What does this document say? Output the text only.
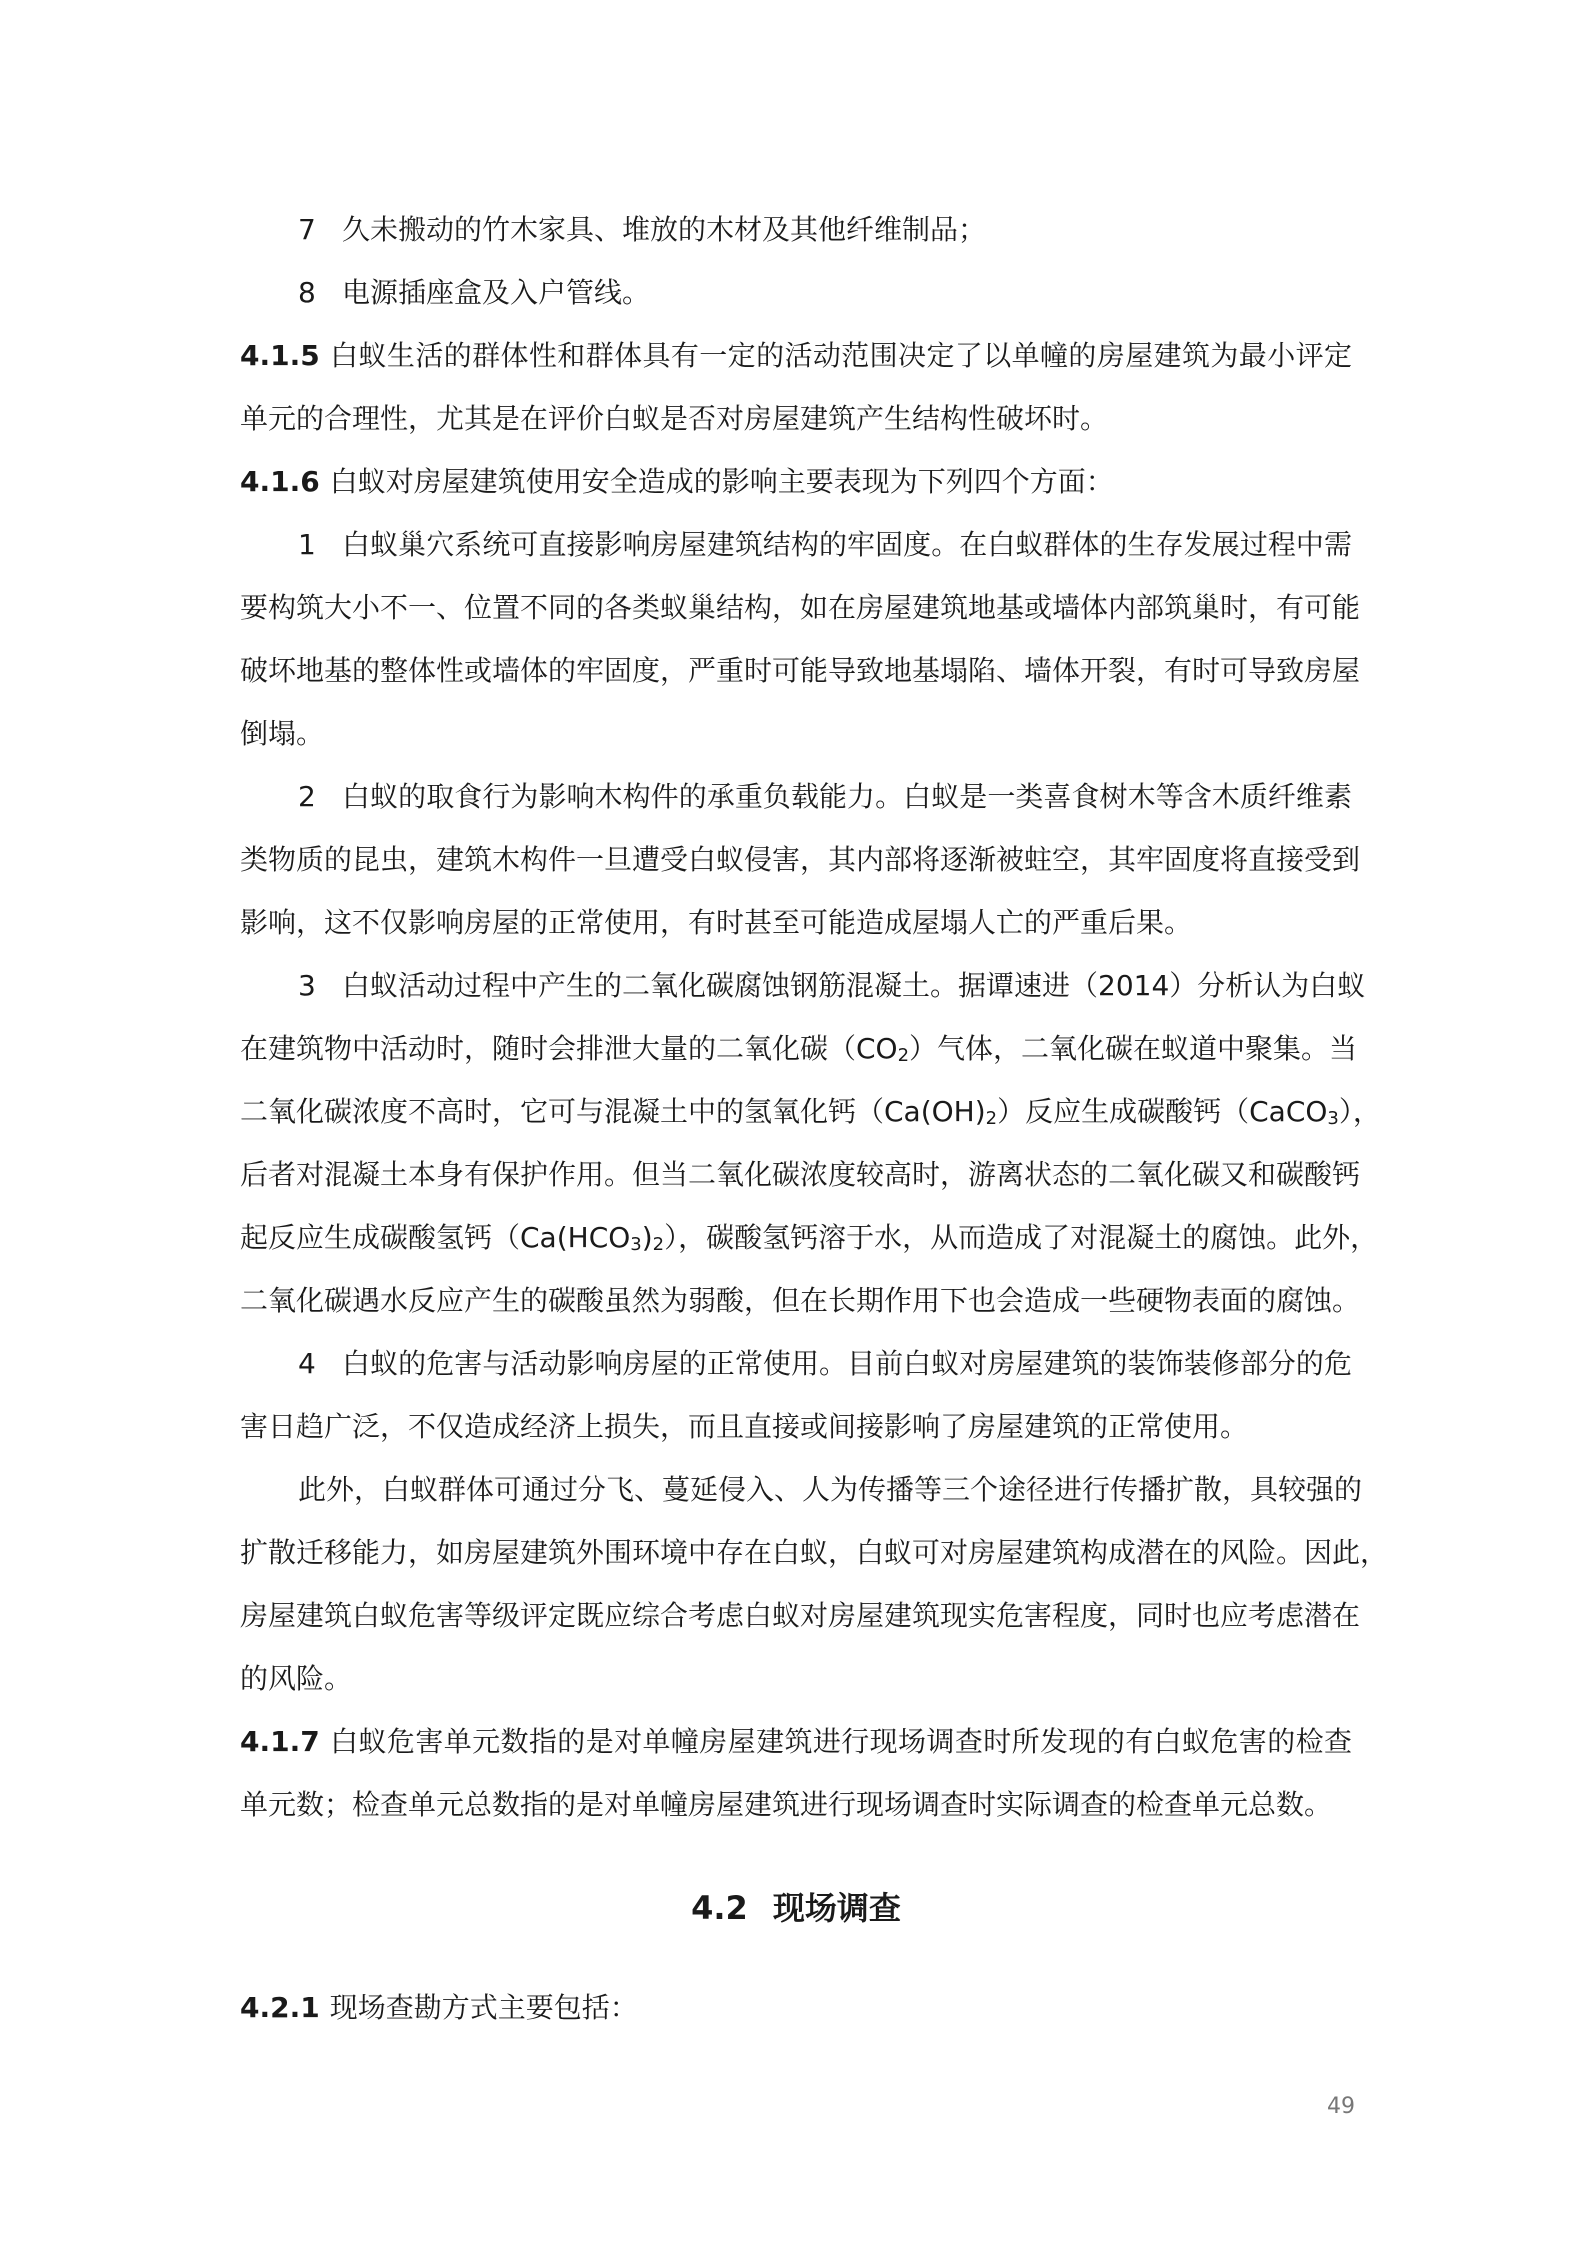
7 久未搬动的竹木家具、堆放的木材及其他纤维制品；
8 电源插座盒及入户管线。
4.1.5 白蚁生活的群体性和群体具有一定的活动范围决定了以单幢的房屋建筑为最小评定
单元的合理性，尤其是在评价白蚁是否对房屋建筑产生结构性破坏时。
4.1.6 白蚁对房屋建筑使用安全造成的影响主要表现为下列四个方面：
1 白蚁巢穴系统可直接影响房屋建筑结构的牢固度。在白蚁群体的生存发展过程中需
要构筑大小不一、位置不同的各类蚁巢结构，如在房屋建筑地基或墙体内部筑巢时，有可能
破坏地基的整体性或墙体的牢固度，严重时可能导致地基塌陷、墙体开裂，有时可导致房屋
倒塌。
2 白蚁的取食行为影响木构件的承重负载能力。白蚁是一类喜食树木等含木质纤维素
类物质的昆虫，建筑木构件一旦遭受白蚁侵害，其内部将逐渐被蛀空，其牢固度将直接受到
影响，这不仅影响房屋的正常使用，有时甚至可能造成屋塌人亡的严重后果。
3 白蚁活动过程中产生的二氧化碳腐蚀钢筋混凝土。据谭速进（2014）分析认为白蚁
在建筑物中活动时，随时会排泄大量的二氧化碳$(CO_2)$气体，二氧化碳在蚁道中聚集。当
二氧化碳浓度不高时，它可与混凝土中的氢氧化钙$(Ca(OH)_2)$反应生成碳酸钙（CaCO$_3$），
后者对混凝土本身有保护作用。但当二氧化碳浓度较高时，游离状态的二氧化碳又和碳酸钙
起反应生成碳酸氢钙$(Ca(HCO_3)_2)$，碳酸氢钙溶于水，从而造成了对混凝土的腐蚀。此外，
二氧化碳遇水反应产生的碳酸虽然为弱酸，但在长期作用下也会造成一些硬物表面的腐蚀。
4 白蚁的危害与活动影响房屋的正常使用。目前白蚁对房屋建筑的装饰装修部分的危
害日趋广泛，不仅造成经济上损失，而且直接或间接影响了房屋建筑的正常使用。
此外，白蚁群体可通过分飞、蔓延侵入、人为传播等三个途径进行传播扩散，具较强的
扩散迁移能力，如房屋建筑外围环境中存在白蚁，白蚁可对房屋建筑构成潜在的风险。因此，
房屋建筑白蚁危害等级评定既应综合考虑白蚁对房屋建筑现实危害程度，同时也应考虑潜在
的风险。
4.1.7 白蚁危害单元数指的是对单幢房屋建筑进行现场调查时所发现的有白蚁危害的检查
单元数；检查单元总数指的是对单幢房屋建筑进行现场调查时实际调查的检查单元总数。
4.2 现场调查
4.2.1 现场查勘方式主要包括：
49
